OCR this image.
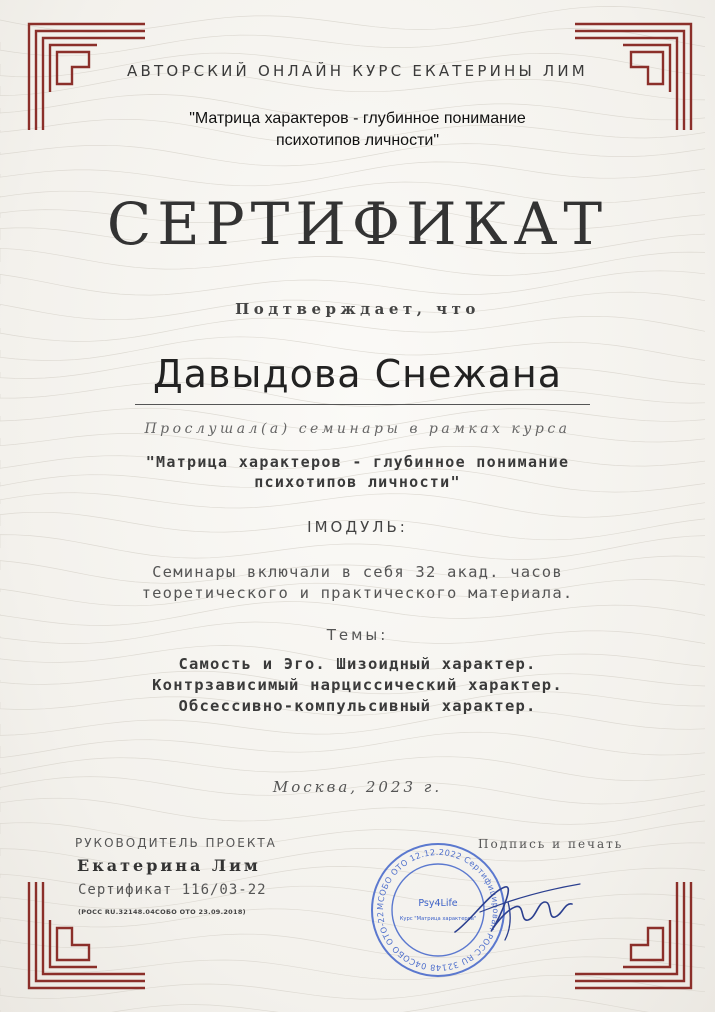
АВТОРСКИЙ ОНЛАЙН КУРС ЕКАТЕРИНЫ ЛИМ
"Матрица характеров - глубинное понимание
психотипов личности"
СЕРТИФИКАТ
Подтверждает, что
Давыдова Снежана
Прослушал(а) семинары в рамках курса
"Матрица характеров - глубинное понимание
психотипов личности"
IМОДУЛЬ:
Семинары включали в себя 32 акад. часов
теоретического и практического материала.
Темы:
Самость и Эго. Шизоидный характер.
Контрзависимый нарциссический характер.
Обсессивно-компульсивный характер.
Москва, 2023 г.
РУКОВОДИТЕЛЬ ПРОЕКТА
Екатерина Лим
Сертификат 116/03-22
(РОСС RU.32148.04СОБО ОТО 23.09.2018)
Подпись и печать
МСОБО ОТО 12.12.2022 Сертифицирован РОСС RU 32148 04СОБО ОТО-22
Psy4Life
Курс "Матрица характеров"
